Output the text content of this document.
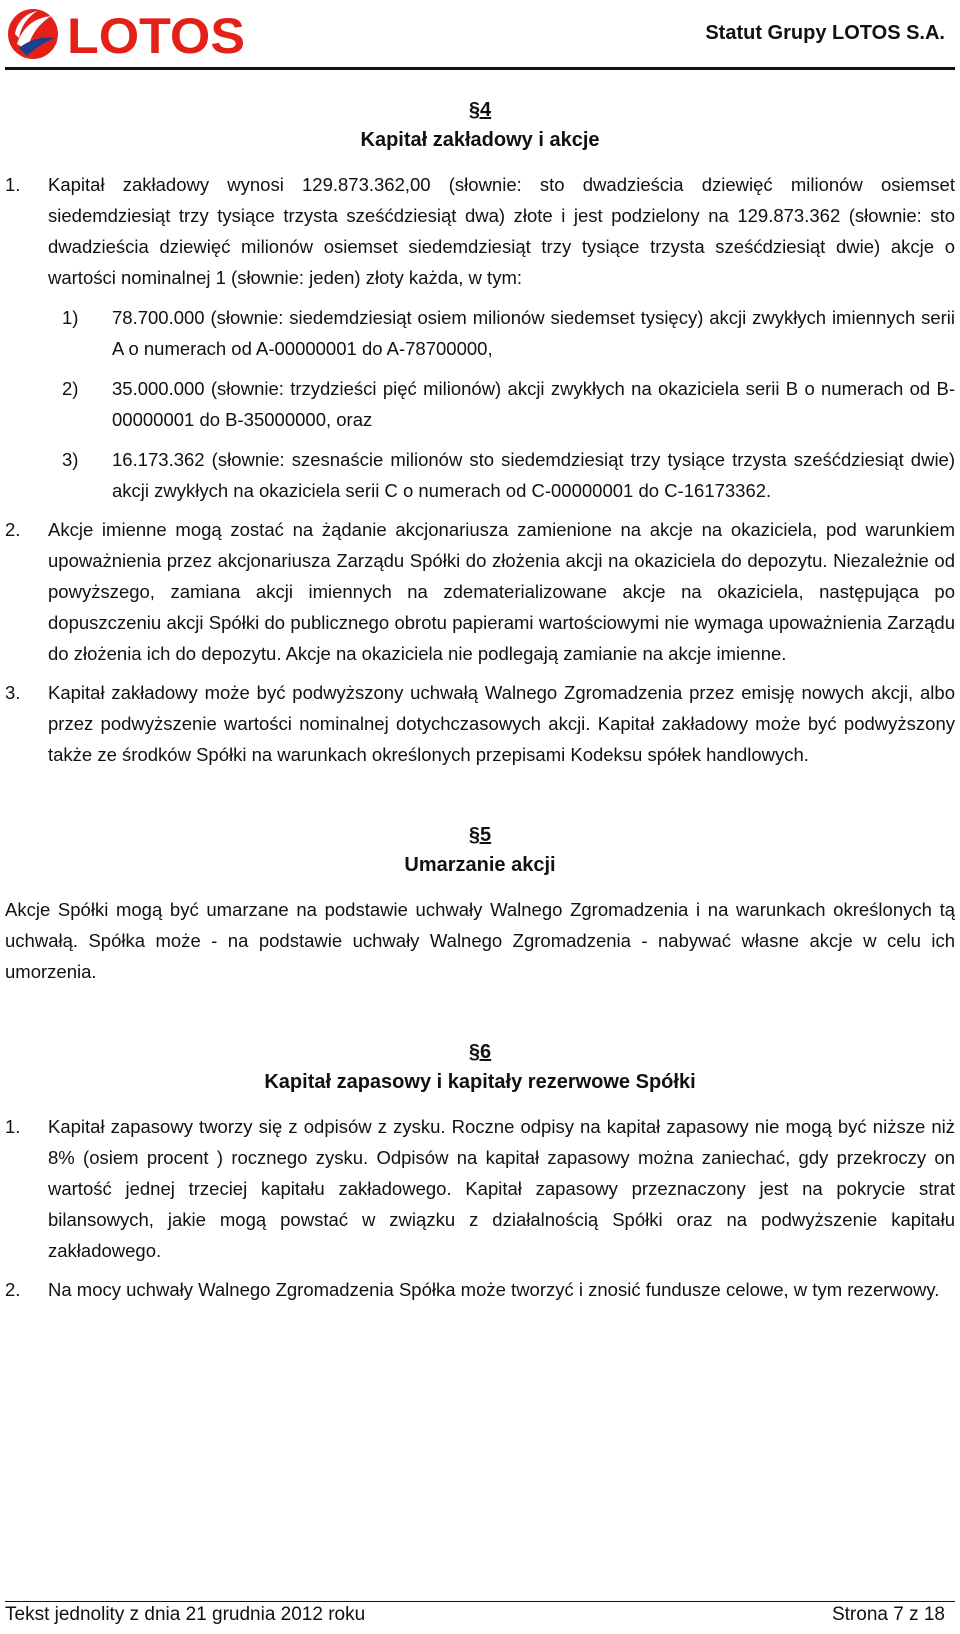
LOTOS	Statut Grupy LOTOS S.A.
§4
Kapitał zakładowy i akcje
1. Kapitał zakładowy wynosi 129.873.362,00 (słownie: sto dwadzieścia dziewięć milionów osiemset siedemdziesiąt trzy tysiące trzysta sześćdziesiąt dwa) złote i jest podzielony na 129.873.362 (słownie: sto dwadzieścia dziewięć milionów osiemset siedemdziesiąt trzy tysiące trzysta sześćdziesiąt dwie) akcje o wartości nominalnej 1 (słownie: jeden) złoty każda, w tym:
1) 78.700.000 (słownie: siedemdziesiąt osiem milionów siedemset tysięcy) akcji zwykłych imiennych serii A o numerach od A-00000001 do A-78700000,
2) 35.000.000 (słownie: trzydzieści pięć milionów) akcji zwykłych na okaziciela serii B o numerach od B-00000001 do B-35000000, oraz
3) 16.173.362 (słownie: szesnaście milionów sto siedemdziesiąt trzy tysiące trzysta sześćdziesiąt dwie) akcji zwykłych na okaziciela serii C o numerach od C-00000001 do C-16173362.
2. Akcje imienne mogą zostać na żądanie akcjonariusza zamienione na akcje na okaziciela, pod warunkiem upoważnienia przez akcjonariusza Zarządu Spółki do złożenia akcji na okaziciela do depozytu. Niezależnie od powyższego, zamiana akcji imiennych na zdematerializowane akcje na okaziciela, następująca po dopuszczeniu akcji Spółki do publicznego obrotu papierami wartościowymi nie wymaga upoważnienia Zarządu do złożenia ich do depozytu. Akcje na okaziciela nie podlegają zamianie na akcje imienne.
3. Kapitał zakładowy może być podwyższony uchwałą Walnego Zgromadzenia przez emisję nowych akcji, albo przez podwyższenie wartości nominalnej dotychczasowych akcji. Kapitał zakładowy może być podwyższony także ze środków Spółki na warunkach określonych przepisami Kodeksu spółek handlowych.
§5
Umarzanie akcji
Akcje Spółki mogą być umarzane na podstawie uchwały Walnego Zgromadzenia i na warunkach określonych tą uchwałą. Spółka może - na podstawie uchwały Walnego Zgromadzenia - nabywać własne akcje w celu ich umorzenia.
§6
Kapitał zapasowy i kapitały rezerwowe Spółki
1. Kapitał zapasowy tworzy się z odpisów z zysku. Roczne odpisy na kapitał zapasowy nie mogą być niższe niż 8% (osiem procent ) rocznego zysku. Odpisów na kapitał zapasowy można zaniechać, gdy przekroczy on wartość jednej trzeciej kapitału zakładowego. Kapitał zapasowy przeznaczony jest na pokrycie strat bilansowych, jakie mogą powstać w związku z działalnością Spółki oraz na podwyższenie kapitału zakładowego.
2. Na mocy uchwały Walnego Zgromadzenia Spółka może tworzyć i znosić fundusze celowe, w tym rezerwowy.
Tekst jednolity z dnia 21 grudnia 2012 roku	Strona 7 z 18
